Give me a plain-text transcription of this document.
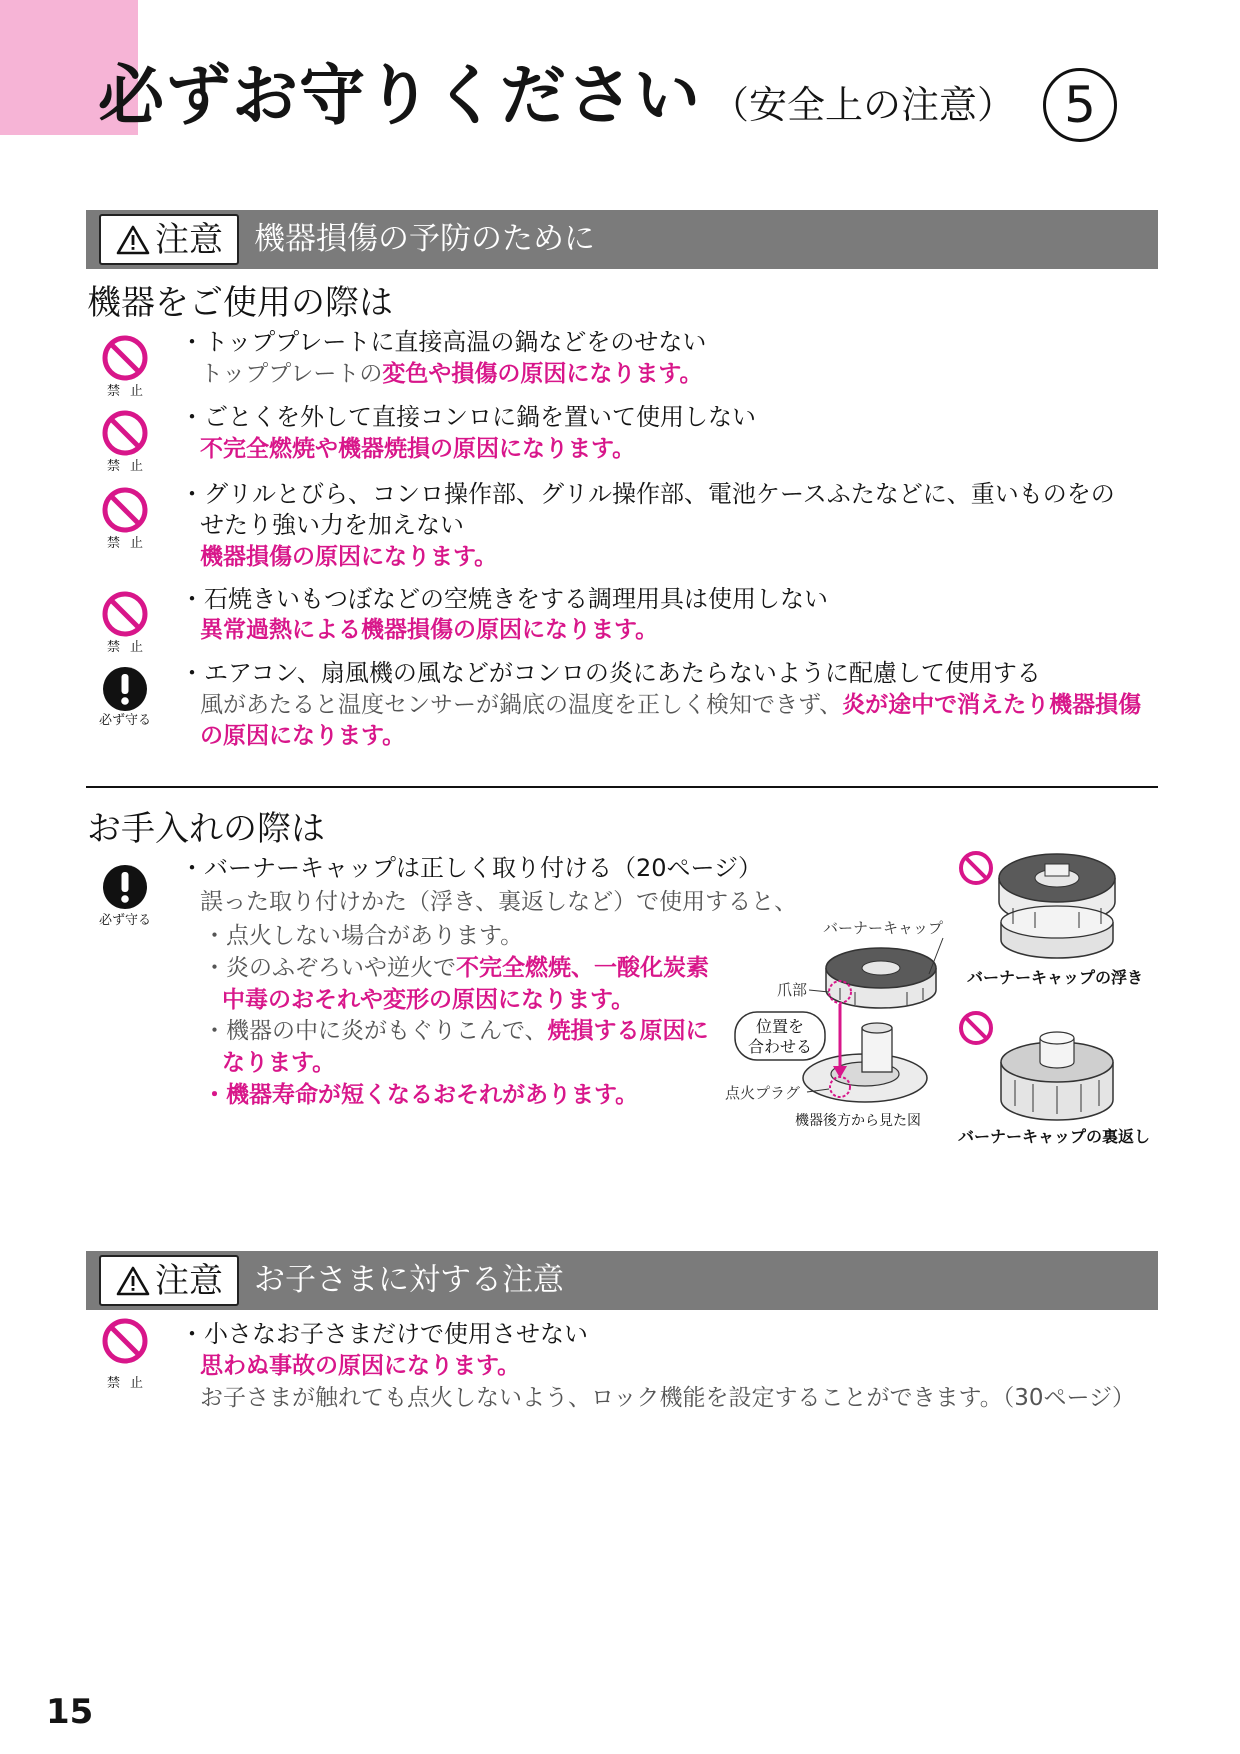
必ずお守りください （安全上の注意） 5
注意 機器損傷の予防のために
機器をご使用の際は
禁止
・トッププレートに直接高温の鍋などをのせない
トッププレートの変色や損傷の原因になります。
禁止
・ごとくを外して直接コンロに鍋を置いて使用しない
不完全燃焼や機器焼損の原因になります。
禁止
・グリルとびら、コンロ操作部、グリル操作部、電池ケースふたなどに、重いものをの
せたり強い力を加えない
機器損傷の原因になります。
禁止
・石焼きいもつぼなどの空焼きをする調理用具は使用しない
異常過熱による機器損傷の原因になります。
必ず守る
・エアコン、扇風機の風などがコンロの炎にあたらないように配慮して使用する
風があたると温度センサーが鍋底の温度を正しく検知できず、炎が途中で消えたり機器損傷
の原因になります。
お手入れの際は
必ず守る
・バーナーキャップは正しく取り付ける（20ページ）
誤った取り付けかた（浮き、裏返しなど）で使用すると、
・点火しない場合があります。
・炎のふぞろいや逆火で不完全燃焼、一酸化炭素
中毒のおそれや変形の原因になります。
・機器の中に炎がもぐりこんで、焼損する原因に
なります。
・機器寿命が短くなるおそれがあります。
バーナーキャップ
爪部
位置を
合わせる
点火プラグ
機器後方から見た図
バーナーキャップの浮き
バーナーキャップの裏返し
注意 お子さまに対する注意
禁止
・小さなお子さまだけで使用させない
思わぬ事故の原因になります。
お子さまが触れても点火しないよう、ロック機能を設定することができます。（30ページ）
15
